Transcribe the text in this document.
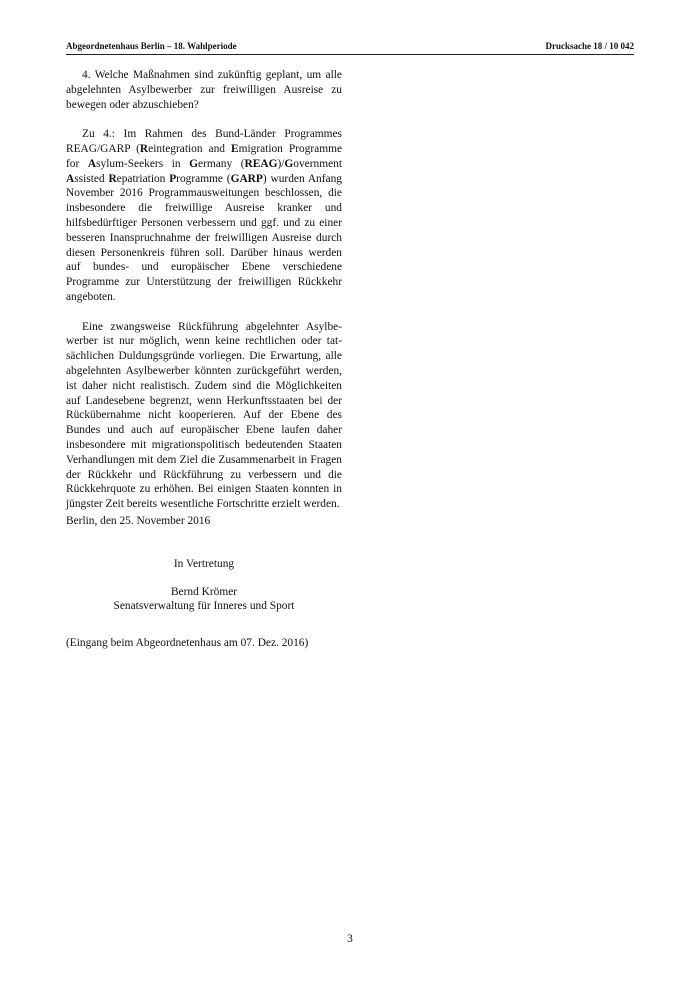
Abgeordnetenhaus Berlin – 18. Wahlperiode	Drucksache 18 / 10 042

4. Welche Maßnahmen sind zukünftig geplant, um alle abgelehnten Asylbewerber zur freiwilligen Ausreise zu bewegen oder abzuschieben?

Zu 4.: Im Rahmen des Bund-Länder Programmes REAG/GARP (Reintegration and Emigration Programme for Asylum-Seekers in Germany (REAG)/Government Assisted Repatriation Programme (GARP) wurden Anfang November 2016 Programmausweitungen beschlossen, die insbesondere die freiwillige Ausreise kranker und hilfsbedürftiger Personen verbessern und ggf. und zu einer besseren Inanspruchnahme der freiwilligen Ausreise durch diesen Personenkreis führen soll. Darüber hinaus werden auf bundes- und europäischer Ebene verschiedene Programme zur Unterstützung der freiwilligen Rückkehr angeboten.

Eine zwangsweise Rückführung abgelehnter Asylbewerber ist nur möglich, wenn keine rechtlichen oder tatsächlichen Duldungsgründe vorliegen. Die Erwartung, alle abgelehnten Asylbewerber könnten zurückgeführt werden, ist daher nicht realistisch. Zudem sind die Möglichkeiten auf Landesebene begrenzt, wenn Herkunftsstaaten bei der Rückübernahme nicht kooperieren. Auf der Ebene des Bundes und auch auf europäischer Ebene laufen daher insbesondere mit migrationspolitisch bedeutenden Staaten Verhandlungen mit dem Ziel die Zusammenarbeit in Fragen der Rückkehr und Rückführung zu verbessern und die Rückkehrquote zu erhöhen. Bei einigen Staaten konnten in jüngster Zeit bereits wesentliche Fortschritte erzielt werden.

Berlin, den 25. November 2016
In Vertretung
Bernd Krömer
Senatsverwaltung für Inneres und Sport
(Eingang beim Abgeordnetenhaus am 07. Dez. 2016)
3
